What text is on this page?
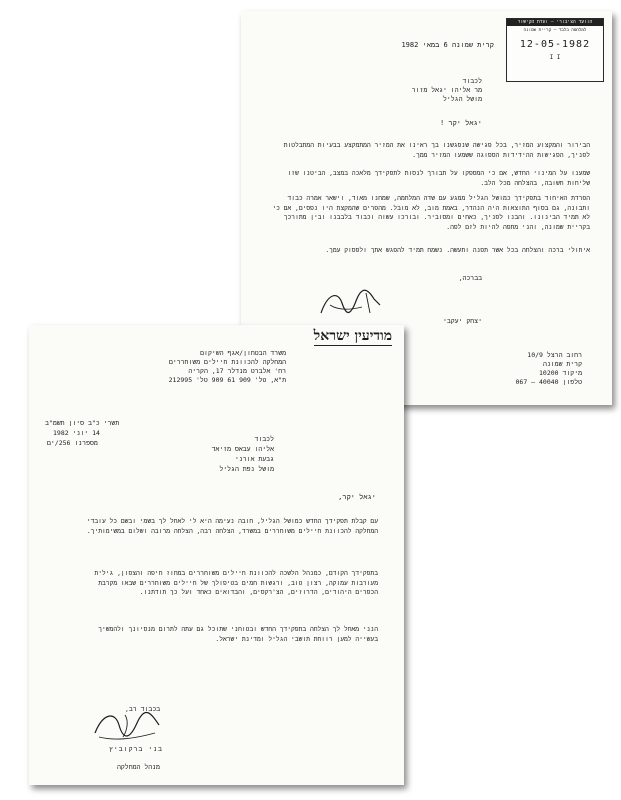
הוועד הציבורי – ועדת הקישור
למלחמה בלבד – קריית שמונה
12-05-1982
I I
קרית שמונה 6 במאי 1982
לכבוד
מר אליהו יגאל מזור
מושל הגליל
יגאל יקר !
הבירור והמקצוע המזיר, בכל פגישה שנפגשנו בך ראינו את המזיר המתמקצע בבעיות המתבלטות לפניך, הפגישות ההידידות הספוגה ששמעו המזיר ממך.
שמענו על המינוי החדש, אם כי המספקו על תבורך לנסות לתפקידך מלאכה במצב, הביטנו שזו שליחות חשובה, בהצלחה מכל הלב.
הפרדת האיחוד בתפקידך כמושל הגליל ממגע עם שדה המלחמה, שמחנו מאוד, וישאר אמרה כבוד ותבונה, גם בסוף התוצאות היה הנהדר, באמת מוב, לא מובל. מהפרים שהמקצת היו נפסים, אם כי לא תמיד הבינונו. והבנו לפניך, כאחים ומסוביר. ובורכו עשוה וכבוד בלבבנו ובין מתורכך בקריית שמונה, והני מתפה להיות לזם לפה.
איחולי ברכה והצלחה בכל אשר תפנה ותעשה. נשמח תמיד להפגש אתך ולפסוק עמך.
בברכה,
יצחק יעקבי
רחוב הרצל 10/9
קרית שמונה
מיקוד 10200
טלפון 40040 – 067
מודיעין ישראל
משרד הבטחון/אגף השיקום
המחלקה להכוונת חיילים משוחררים
רח' אלברט מנדלר 17, הקריה
ת"א, טל' 909 61 909 טל' 212995
תשרי כ"ב סיון תשמ"ב
14 יוני 1982
מספרנו 256/ים	לכבוד
אליהו עבאס מזיאד
גבעת אורני
מושל נפת הגליל
יגאל יקר,
עם קבלת תפקידך החדש כמושל הגליל, חובה נעימה היא לי לאחל לך בשמי ובשם כל עובדי המחלקה להכוונת חיילים משוחררים במשרד, הצלחה רבה, הצלחה מרובה ושלום במשימותיך.
בתפקידך הקודם, כמנהל הלשכה להכוונת חיילים משוחררים במחוז חיפה והצפון, גילית מעורבות עמוקה, רצון טוב, ורגשות חמים בטיפולך של חיילים משוחררים שבאו מקרבת הכפרים היהודים, הדרוזים, הצ'רקסים, והבדואים כאחד ועל כך תודתנו.
הנני מאחל לך הצלחה בתפקידך החדש ובטוחני שתוכל גם עתה לתרום מנסיונך ולהמשיך בעשייה למען רווחת תושבי הגליל ומדינת ישראל.
בכבוד רב,
בני ברקוביץ
מנהל המחלקה
